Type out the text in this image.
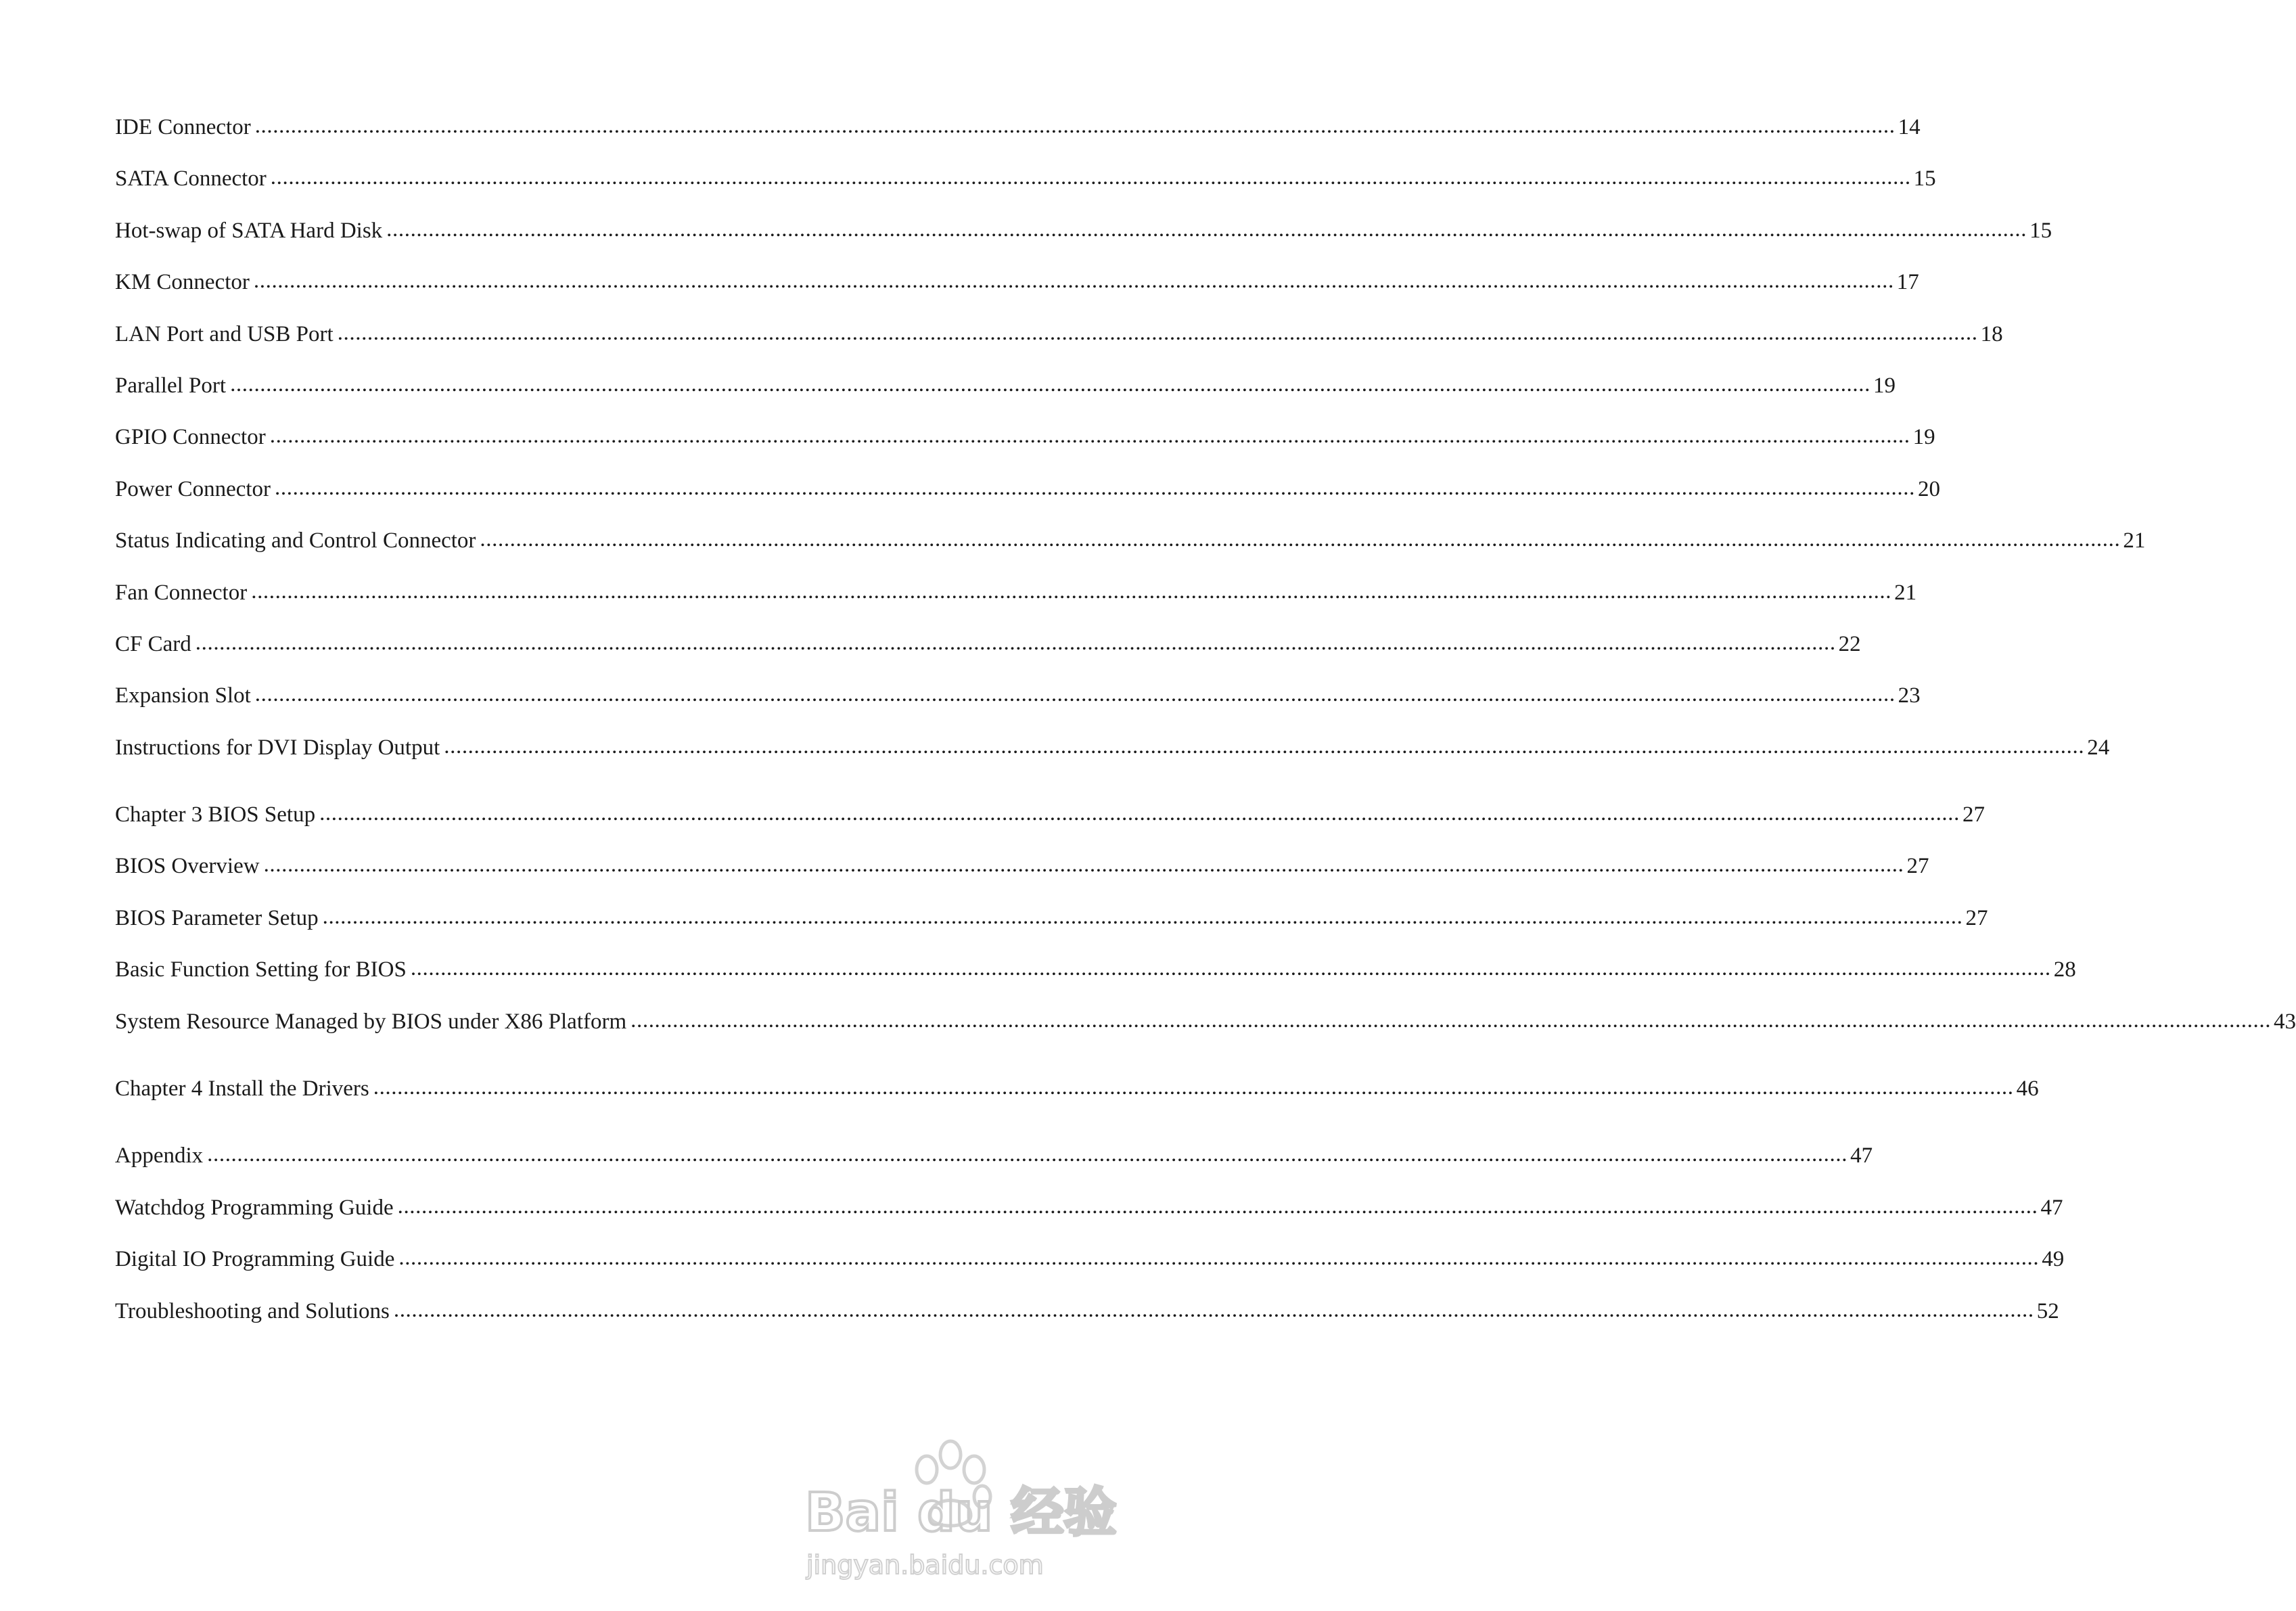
IDE Connector .....	14
SATA Connector .....	15
Hot-swap of SATA Hard Disk .....	15
KM Connector .....	17
LAN Port and USB Port .....	18
Parallel Port .....	19
GPIO Connector .....	19
Power Connector .....	20
Status Indicating and Control Connector .....	21
Fan Connector .....	21
CF Card .....	22
Expansion Slot .....	23
Instructions for DVI Display Output .....	24
Chapter 3 BIOS Setup .....	27
BIOS Overview .....	27
BIOS Parameter Setup .....	27
Basic Function Setting for BIOS .....	28
System Resource Managed by BIOS under X86 Platform .....	43
Chapter 4 Install the Drivers .....	46
Appendix .....	47
Watchdog Programming Guide .....	47
Digital IO Programming Guide .....	49
Troubleshooting and Solutions .....	52
Bai du 经验
jingyan.baidu.com
